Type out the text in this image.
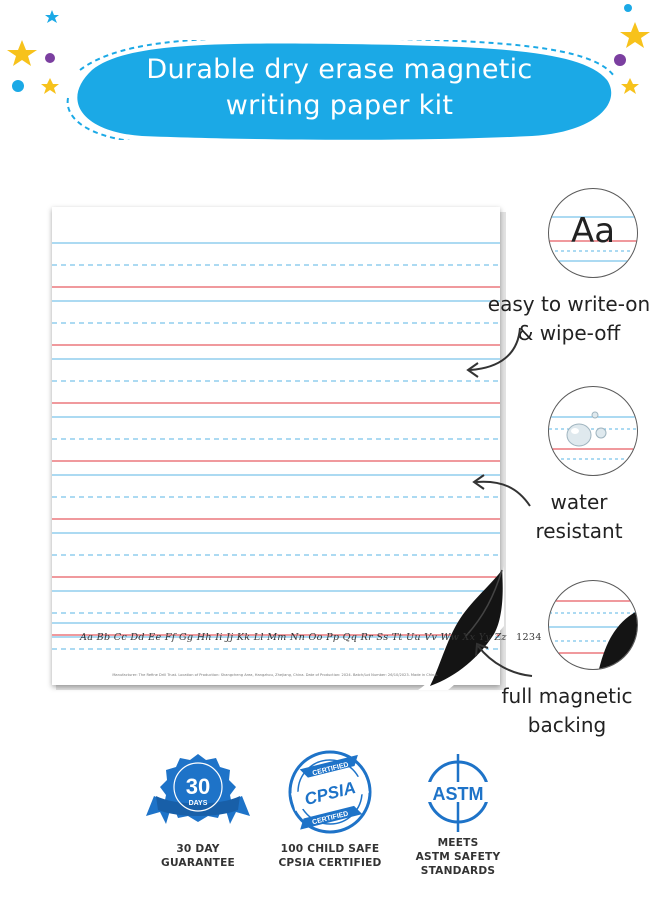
Durable dry erase magnetic
writing paper kit
Aa Bb Cc Dd Ee Ff Gg Hh Ii Jj Kk Ll Mm Nn Oo Pp Qq Rr Ss Tt Uu Vv Ww Xx Yy Zz 1234
Manufacturer: The Refine Drill Trust. Location of Production: Shangcheng Area, Hangzhou, Zhejiang, China. Date of Production: 2024. Batch/Lot Number: 26/10/2023. Made in China.
Aa
easy to write-on
& wipe-off
water
resistant
full magnetic
backing
30
DAYS
30 DAY
GUARANTEE
CERTIFIED
CPSIA
CERTIFIED
100 CHILD SAFE
CPSIA CERTIFIED
ASTM
MEETS
ASTM SAFETY STANDARDS
